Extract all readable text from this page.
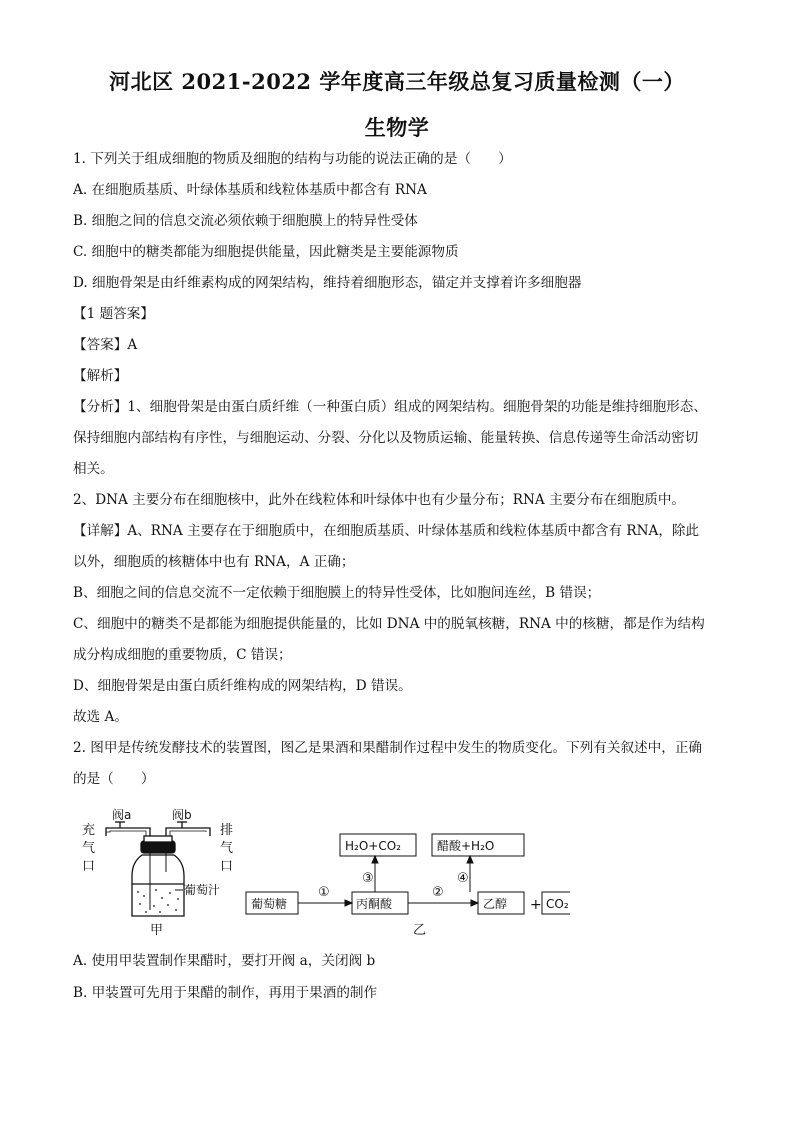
河北区 2021-2022 学年度高三年级总复习质量检测（一）
生物学
1. 下列关于组成细胞的物质及细胞的结构与功能的说法正确的是（　　）
A. 在细胞质基质、叶绿体基质和线粒体基质中都含有 RNA
B. 细胞之间的信息交流必须依赖于细胞膜上的特异性受体
C. 细胞中的糖类都能为细胞提供能量，因此糖类是主要能源物质
D. 细胞骨架是由纤维素构成的网架结构，维持着细胞形态，锚定并支撑着许多细胞器
【1 题答案】
【答案】A
【解析】
【分析】1、细胞骨架是由蛋白质纤维（一种蛋白质）组成的网架结构。细胞骨架的功能是维持细胞形态、
保持细胞内部结构有序性，与细胞运动、分裂、分化以及物质运输、能量转换、信息传递等生命活动密切
相关。
2、DNA 主要分布在细胞核中，此外在线粒体和叶绿体中也有少量分布；RNA 主要分布在细胞质中。
【详解】A、RNA 主要存在于细胞质中，在细胞质基质、叶绿体基质和线粒体基质中都含有 RNA，除此
以外，细胞质的核糖体中也有 RNA，A 正确；
B、细胞之间的信息交流不一定依赖于细胞膜上的特异性受体，比如胞间连丝，B 错误；
C、细胞中的糖类不是都能为细胞提供能量的，比如 DNA 中的脱氧核糖，RNA 中的核糖，都是作为结构
成分构成细胞的重要物质，C 错误；
D、细胞骨架是由蛋白质纤维构成的网架结构，D 错误。
故选 A。
2. 图甲是传统发酵技术的装置图，图乙是果酒和果醋制作过程中发生的物质变化。下列有关叙述中，正确
的是（　　）
阀a	阀b
充
气
口
排
气
口
葡萄汁
甲
葡萄糖	丙酮酸	乙醇 + CO₂
H₂O+CO₂	醋酸+H₂O
①	②
③	④
乙
A. 使用甲装置制作果醋时，要打开阀 a，关闭阀 b
B. 甲装置可先用于果醋的制作，再用于果酒的制作
